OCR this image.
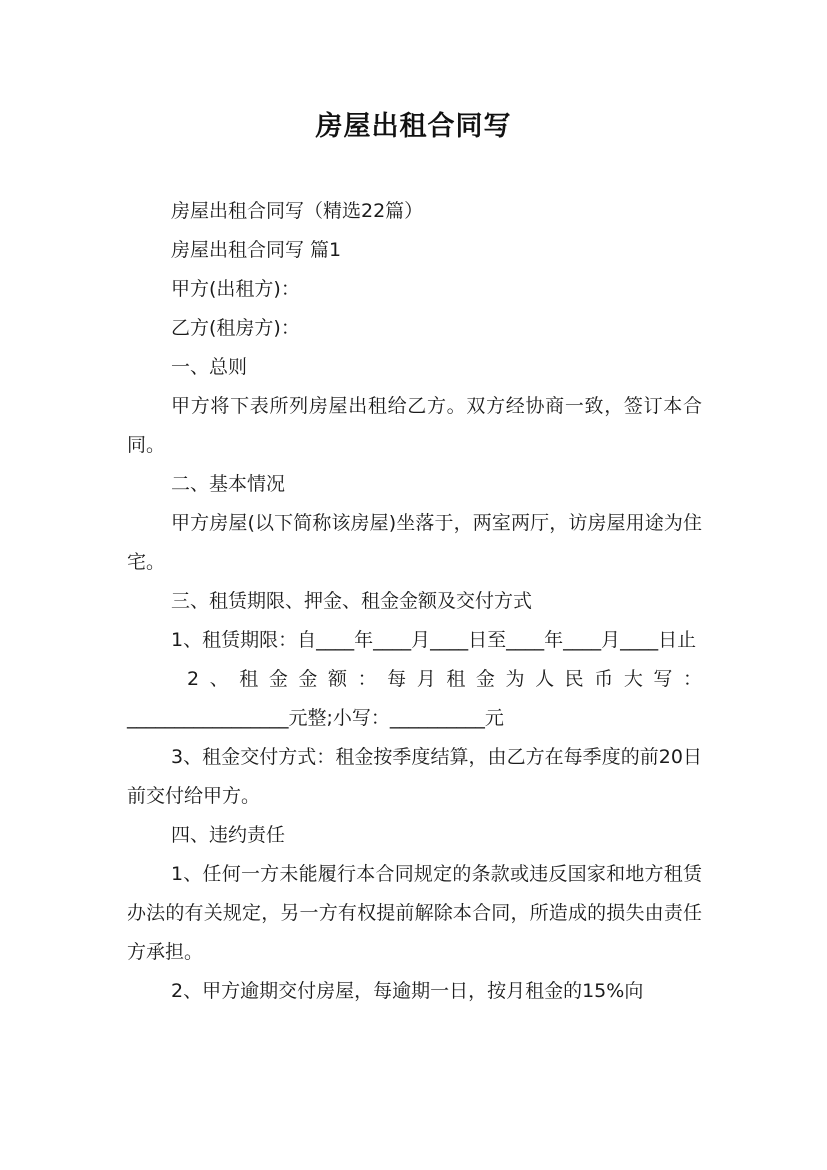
房屋出租合同写

房屋出租合同写（精选22篇）

房屋出租合同写 篇1

甲方(出租方)：

乙方(租房方)：

一、总则

甲方将下表所列房屋出租给乙方。双方经协商一致，签订本合同。

二、基本情况

甲方房屋(以下简称该房屋)坐落于，两室两厅，访房屋用途为住宅。

三、租赁期限、押金、租金金额及交付方式

1、租赁期限：自____年____月____日至____年____月____日止

2、租金金额：每月租金为人民币大写：

_________________元整;小写：__________元

3、租金交付方式：租金按季度结算，由乙方在每季度的前20日前交付给甲方。

四、违约责任

1、任何一方未能履行本合同规定的条款或违反国家和地方租赁办法的有关规定，另一方有权提前解除本合同，所造成的损失由责任方承担。

2、甲方逾期交付房屋，每逾期一日，按月租金的15%向
